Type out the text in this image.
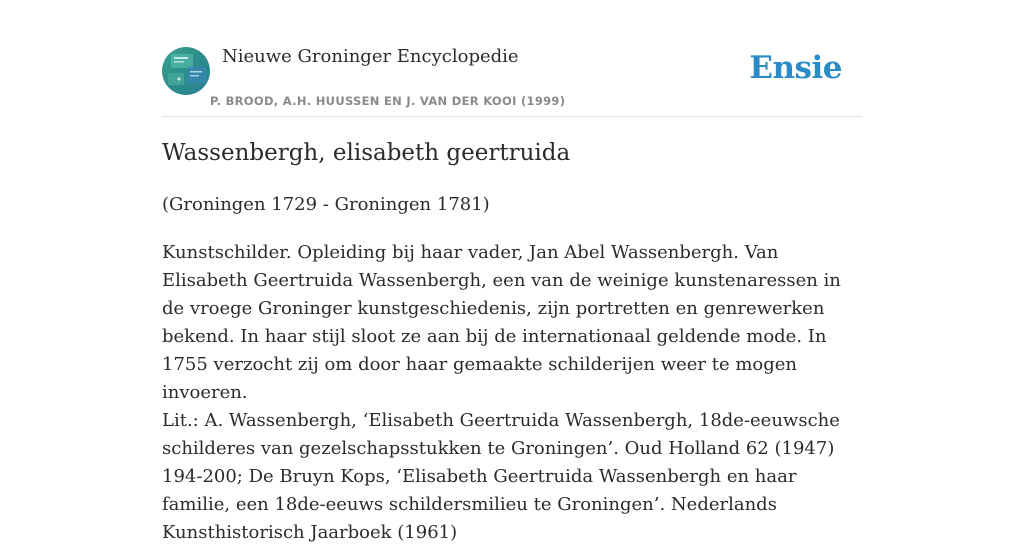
Nieuwe Groninger Encyclopedie
P. BROOD, A.H. HUUSSEN EN J. VAN DER KOOI (1999)
Ensie
Wassenbergh, elisabeth geertruida

(Groningen 1729 - Groningen 1781)

Kunstschilder. Opleiding bij haar vader, Jan Abel Wassenbergh. Van Elisabeth Geertruida Wassenbergh, een van de weinige kunstenaressen in de vroege Groninger kunstgeschiedenis, zijn portretten en genrewerken bekend. In haar stijl sloot ze aan bij de internationaal geldende mode. In 1755 verzocht zij om door haar gemaakte schilderijen weer te mogen invoeren.

Lit.: A. Wassenbergh, ‘Elisabeth Geertruida Wassenbergh, 18de-eeuwsche schilderes van gezelschapsstukken te Groningen’. Oud Holland 62 (1947) 194-200; De Bruyn Kops, ‘Elisabeth Geertruida Wassenbergh en haar familie, een 18de-eeuws schildersmilieu te Groningen’. Nederlands Kunsthistorisch Jaarboek (1961)
